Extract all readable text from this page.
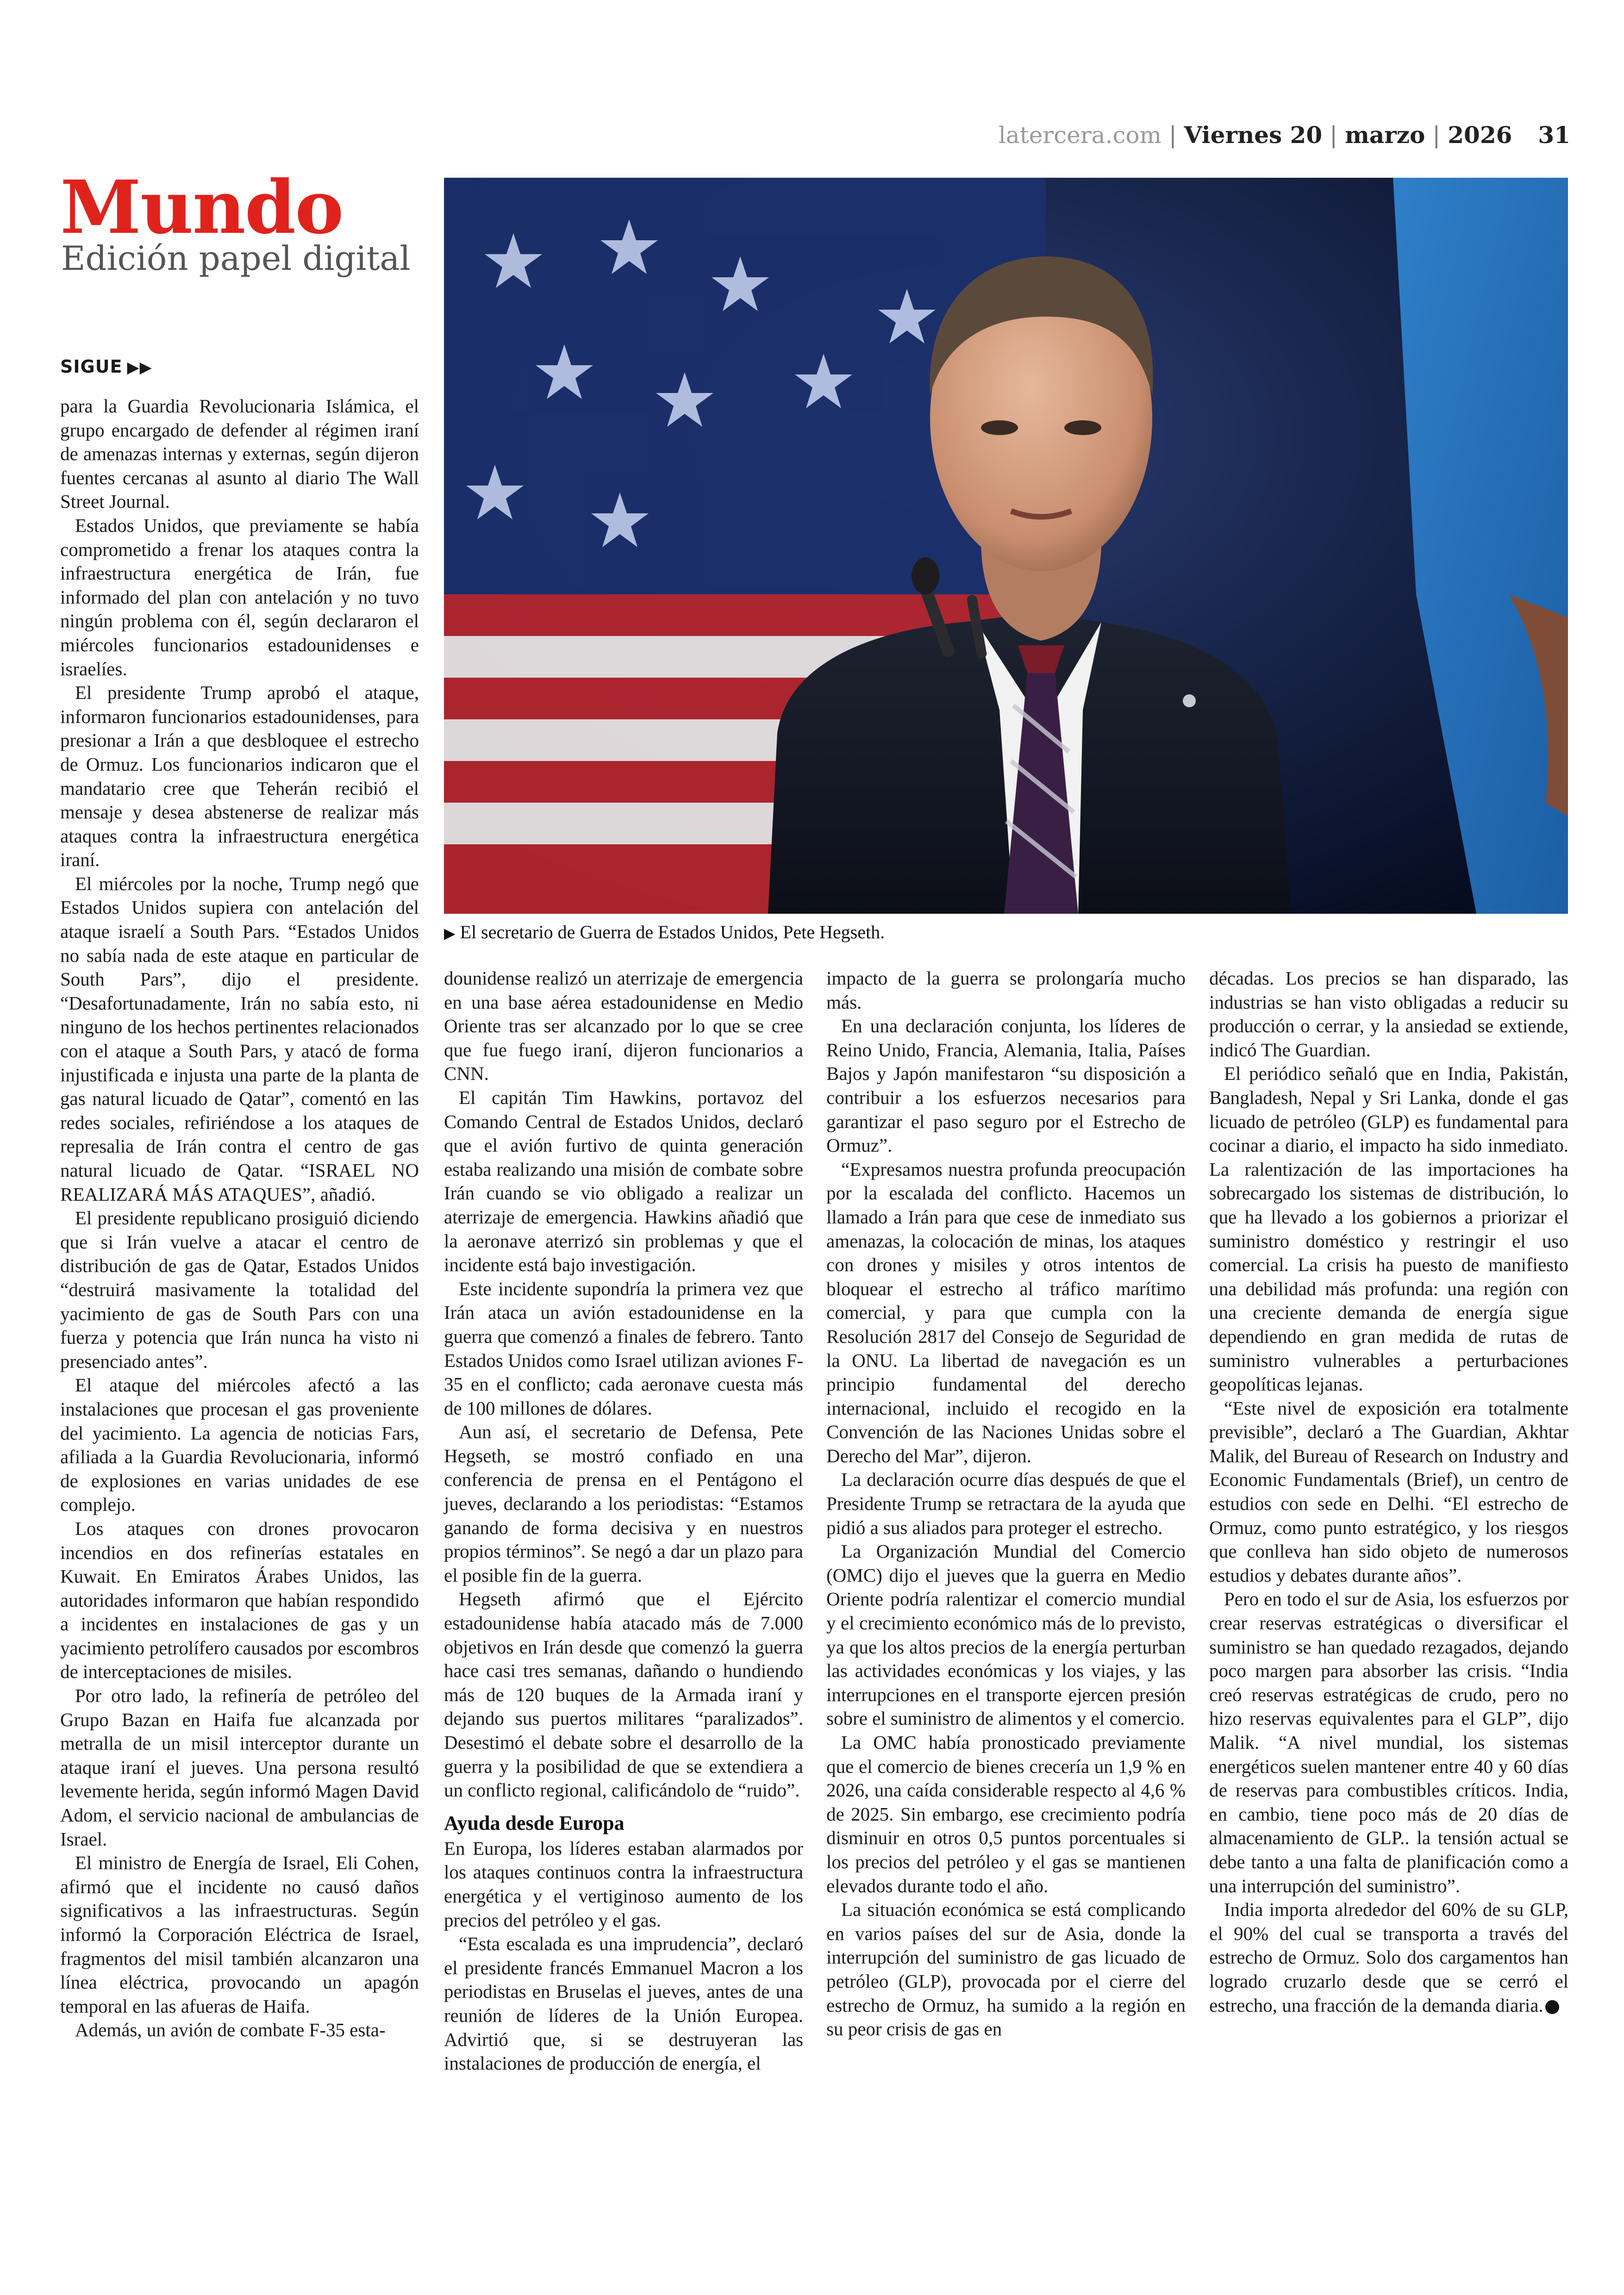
latercera.com | Viernes 20 | marzo | 2026 31
Mundo
Edición papel digital
SIGUE ▶▶
▶ El secretario de Guerra de Estados Unidos, Pete Hegseth.

para la Guardia Revolucionaria Islámica, el grupo encargado de defender al régimen iraní de amenazas internas y externas, según dijeron fuentes cercanas al asunto al diario The Wall Street Journal.

Estados Unidos, que previamente se había comprometido a frenar los ataques contra la infraestructura energética de Irán, fue informado del plan con antelación y no tuvo ningún problema con él, según declararon el miércoles funcionarios estadounidenses e israelíes.

El presidente Trump aprobó el ataque, informaron funcionarios estadounidenses, para presionar a Irán a que desbloquee el estrecho de Ormuz. Los funcionarios indicaron que el mandatario cree que Teherán recibió el mensaje y desea abstenerse de realizar más ataques contra la infraestructura energética iraní.

El miércoles por la noche, Trump negó que Estados Unidos supiera con antelación del ataque israelí a South Pars. “Estados Unidos no sabía nada de este ataque en particular de South Pars”, dijo el presidente. “Desafortunadamente, Irán no sabía esto, ni ninguno de los hechos pertinentes relacionados con el ataque a South Pars, y atacó de forma injustificada e injusta una parte de la planta de gas natural licuado de Qatar”, comentó en las redes sociales, refiriéndose a los ataques de represalia de Irán contra el centro de gas natural licuado de Qatar. “ISRAEL NO REALIZARÁ MÁS ATAQUES”, añadió.

El presidente republicano prosiguió diciendo que si Irán vuelve a atacar el centro de distribución de gas de Qatar, Estados Unidos “destruirá masivamente la totalidad del yacimiento de gas de South Pars con una fuerza y potencia que Irán nunca ha visto ni presenciado antes”.

El ataque del miércoles afectó a las instalaciones que procesan el gas proveniente del yacimiento. La agencia de noticias Fars, afiliada a la Guardia Revolucionaria, informó de explosiones en varias unidades de ese complejo.

Los ataques con drones provocaron incendios en dos refinerías estatales en Kuwait. En Emiratos Árabes Unidos, las autoridades informaron que habían respondido a incidentes en instalaciones de gas y un yacimiento petrolífero causados por escombros de interceptaciones de misiles.

Por otro lado, la refinería de petróleo del Grupo Bazan en Haifa fue alcanzada por metralla de un misil interceptor durante un ataque iraní el jueves. Una persona resultó levemente herida, según informó Magen David Adom, el servicio nacional de ambulancias de Israel.

El ministro de Energía de Israel, Eli Cohen, afirmó que el incidente no causó daños significativos a las infraestructuras. Según informó la Corporación Eléctrica de Israel, fragmentos del misil también alcanzaron una línea eléctrica, provocando un apagón temporal en las afueras de Haifa.

Además, un avión de combate F-35 esta-

dounidense realizó un aterrizaje de emergencia en una base aérea estadounidense en Medio Oriente tras ser alcanzado por lo que se cree que fue fuego iraní, dijeron funcionarios a CNN.

El capitán Tim Hawkins, portavoz del Comando Central de Estados Unidos, declaró que el avión furtivo de quinta generación estaba realizando una misión de combate sobre Irán cuando se vio obligado a realizar un aterrizaje de emergencia. Hawkins añadió que la aeronave aterrizó sin problemas y que el incidente está bajo investigación.

Este incidente supondría la primera vez que Irán ataca un avión estadounidense en la guerra que comenzó a finales de febrero. Tanto Estados Unidos como Israel utilizan aviones F-35 en el conflicto; cada aeronave cuesta más de 100 millones de dólares.

Aun así, el secretario de Defensa, Pete Hegseth, se mostró confiado en una conferencia de prensa en el Pentágono el jueves, declarando a los periodistas: “Estamos ganando de forma decisiva y en nuestros propios términos”. Se negó a dar un plazo para el posible fin de la guerra.

Hegseth afirmó que el Ejército estadounidense había atacado más de 7.000 objetivos en Irán desde que comenzó la guerra hace casi tres semanas, dañando o hundiendo más de 120 buques de la Armada iraní y dejando sus puertos militares “paralizados”. Desestimó el debate sobre el desarrollo de la guerra y la posibilidad de que se extendiera a un conflicto regional, calificándolo de “ruido”.

Ayuda desde Europa

En Europa, los líderes estaban alarmados por los ataques continuos contra la infraestructura energética y el vertiginoso aumento de los precios del petróleo y el gas.

“Esta escalada es una imprudencia”, declaró el presidente francés Emmanuel Macron a los periodistas en Bruselas el jueves, antes de una reunión de líderes de la Unión Europea. Advirtió que, si se destruyeran las instalaciones de producción de energía, el

impacto de la guerra se prolongaría mucho más.

En una declaración conjunta, los líderes de Reino Unido, Francia, Alemania, Italia, Países Bajos y Japón manifestaron “su disposición a contribuir a los esfuerzos necesarios para garantizar el paso seguro por el Estrecho de Ormuz”.

“Expresamos nuestra profunda preocupación por la escalada del conflicto. Hacemos un llamado a Irán para que cese de inmediato sus amenazas, la colocación de minas, los ataques con drones y misiles y otros intentos de bloquear el estrecho al tráfico marítimo comercial, y para que cumpla con la Resolución 2817 del Consejo de Seguridad de la ONU. La libertad de navegación es un principio fundamental del derecho internacional, incluido el recogido en la Convención de las Naciones Unidas sobre el Derecho del Mar”, dijeron.

La declaración ocurre días después de que el Presidente Trump se retractara de la ayuda que pidió a sus aliados para proteger el estrecho.

La Organización Mundial del Comercio (OMC) dijo el jueves que la guerra en Medio Oriente podría ralentizar el comercio mundial y el crecimiento económico más de lo previsto, ya que los altos precios de la energía perturban las actividades económicas y los viajes, y las interrupciones en el transporte ejercen presión sobre el suministro de alimentos y el comercio.

La OMC había pronosticado previamente que el comercio de bienes crecería un 1,9 % en 2026, una caída considerable respecto al 4,6 % de 2025. Sin embargo, ese crecimiento podría disminuir en otros 0,5 puntos porcentuales si los precios del petróleo y el gas se mantienen elevados durante todo el año.

La situación económica se está complicando en varios países del sur de Asia, donde la interrupción del suministro de gas licuado de petróleo (GLP), provocada por el cierre del estrecho de Ormuz, ha sumido a la región en su peor crisis de gas en

décadas. Los precios se han disparado, las industrias se han visto obligadas a reducir su producción o cerrar, y la ansiedad se extiende, indicó The Guardian.

El periódico señaló que en India, Pakistán, Bangladesh, Nepal y Sri Lanka, donde el gas licuado de petróleo (GLP) es fundamental para cocinar a diario, el impacto ha sido inmediato. La ralentización de las importaciones ha sobrecargado los sistemas de distribución, lo que ha llevado a los gobiernos a priorizar el suministro doméstico y restringir el uso comercial. La crisis ha puesto de manifiesto una debilidad más profunda: una región con una creciente demanda de energía sigue dependiendo en gran medida de rutas de suministro vulnerables a perturbaciones geopolíticas lejanas.

“Este nivel de exposición era totalmente previsible”, declaró a The Guardian, Akhtar Malik, del Bureau of Research on Industry and Economic Fundamentals (Brief), un centro de estudios con sede en Delhi. “El estrecho de Ormuz, como punto estratégico, y los riesgos que conlleva han sido objeto de numerosos estudios y debates durante años”.

Pero en todo el sur de Asia, los esfuerzos por crear reservas estratégicas o diversificar el suministro se han quedado rezagados, dejando poco margen para absorber las crisis. “India creó reservas estratégicas de crudo, pero no hizo reservas equivalentes para el GLP”, dijo Malik. “A nivel mundial, los sistemas energéticos suelen mantener entre 40 y 60 días de reservas para combustibles críticos. India, en cambio, tiene poco más de 20 días de almacenamiento de GLP.. la tensión actual se debe tanto a una falta de planificación como a una interrupción del suministro”.

India importa alrededor del 60% de su GLP, el 90% del cual se transporta a través del estrecho de Ormuz. Solo dos cargamentos han logrado cruzarlo desde que se cerró el estrecho, una fracción de la demanda diaria.
